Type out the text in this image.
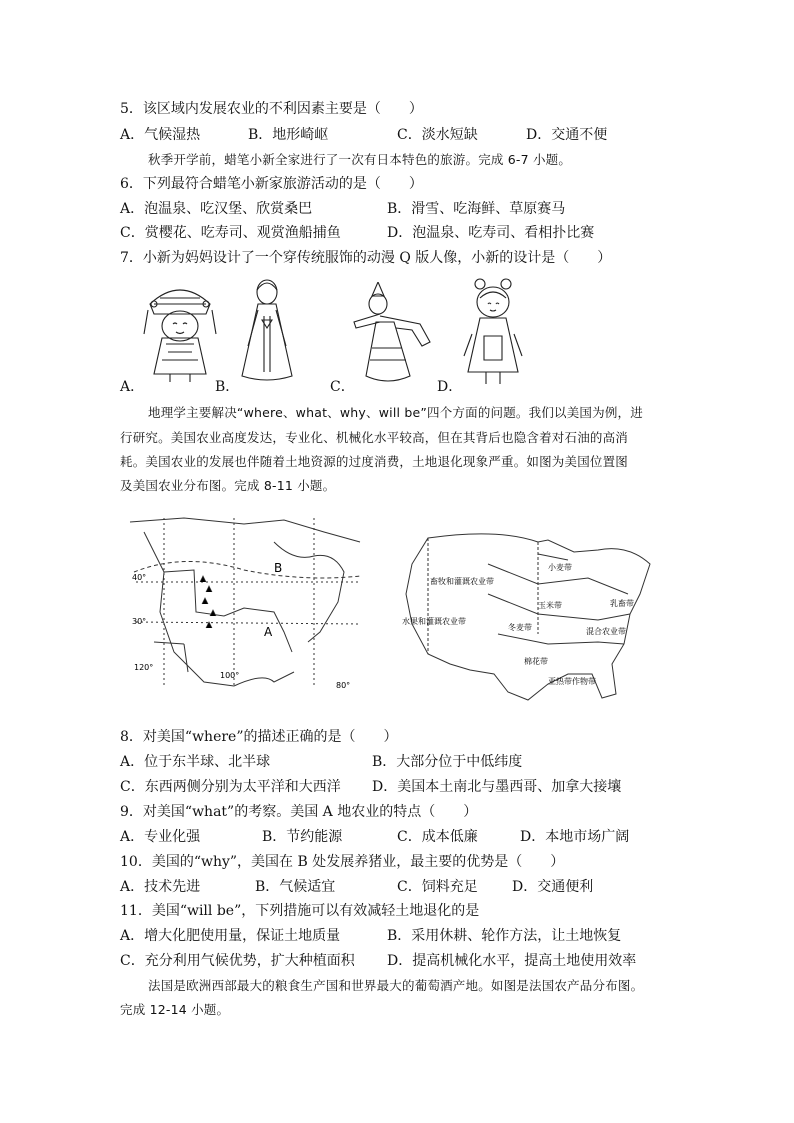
5．该区域内发展农业的不利因素主要是（　　）
A．气候湿热	B．地形崎岖	C．淡水短缺	D．交通不便
秋季开学前，蜡笔小新全家进行了一次有日本特色的旅游。完成 6-7 小题。
6．下列最符合蜡笔小新家旅游活动的是（　　）
A．泡温泉、吃汉堡、欣赏桑巴	B．滑雪、吃海鲜、草原赛马
C．赏樱花、吃寿司、观赏渔船捕鱼	D．泡温泉、吃寿司、看相扑比赛
7．小新为妈妈设计了一个穿传统服饰的动漫 Q 版人像，小新的设计是（　　）
A．	B．	C．	D．
地理学主要解决“where、what、why、will be”四个方面的问题。我们以美国为例，进
行研究。美国农业高度发达，专业化、机械化水平较高，但在其背后也隐含着对石油的高消
耗。美国农业的发展也伴随着土地资源的过度消费，土地退化现象严重。如图为美国位置图
及美国农业分布图。完成 8-11 小题。
B
A
40°
30°
120°
100°
80°
畜牧和灌溉农业带
小麦带
乳畜带
玉米带
冬麦带	混合农业带
水果和灌溉农业带
棉花带
亚热带作物带
8．对美国“where”的描述正确的是（　　）
A．位于东半球、北半球	B．大部分位于中低纬度
C．东西两侧分别为太平洋和大西洋 D．美国本土南北与墨西哥、加拿大接壤
9．对美国“what”的考察。美国 A 地农业的特点（　　）
A．专业化强	B．节约能源	C．成本低廉	D．本地市场广阔
10．美国的“why”，美国在 B 处发展养猪业，最主要的优势是（　　）
A．技术先进	B．气候适宜	C．饲料充足 D．交通便利
11．美国“will be”，下列措施可以有效减轻土地退化的是
A．增大化肥使用量，保证土地质量	B．采用休耕、轮作方法，让土地恢复
C．充分利用气候优势，扩大种植面积 D．提高机械化水平，提高土地使用效率
法国是欧洲西部最大的粮食生产国和世界最大的葡萄酒产地。如图是法国农产品分布图。
完成 12-14 小题。
